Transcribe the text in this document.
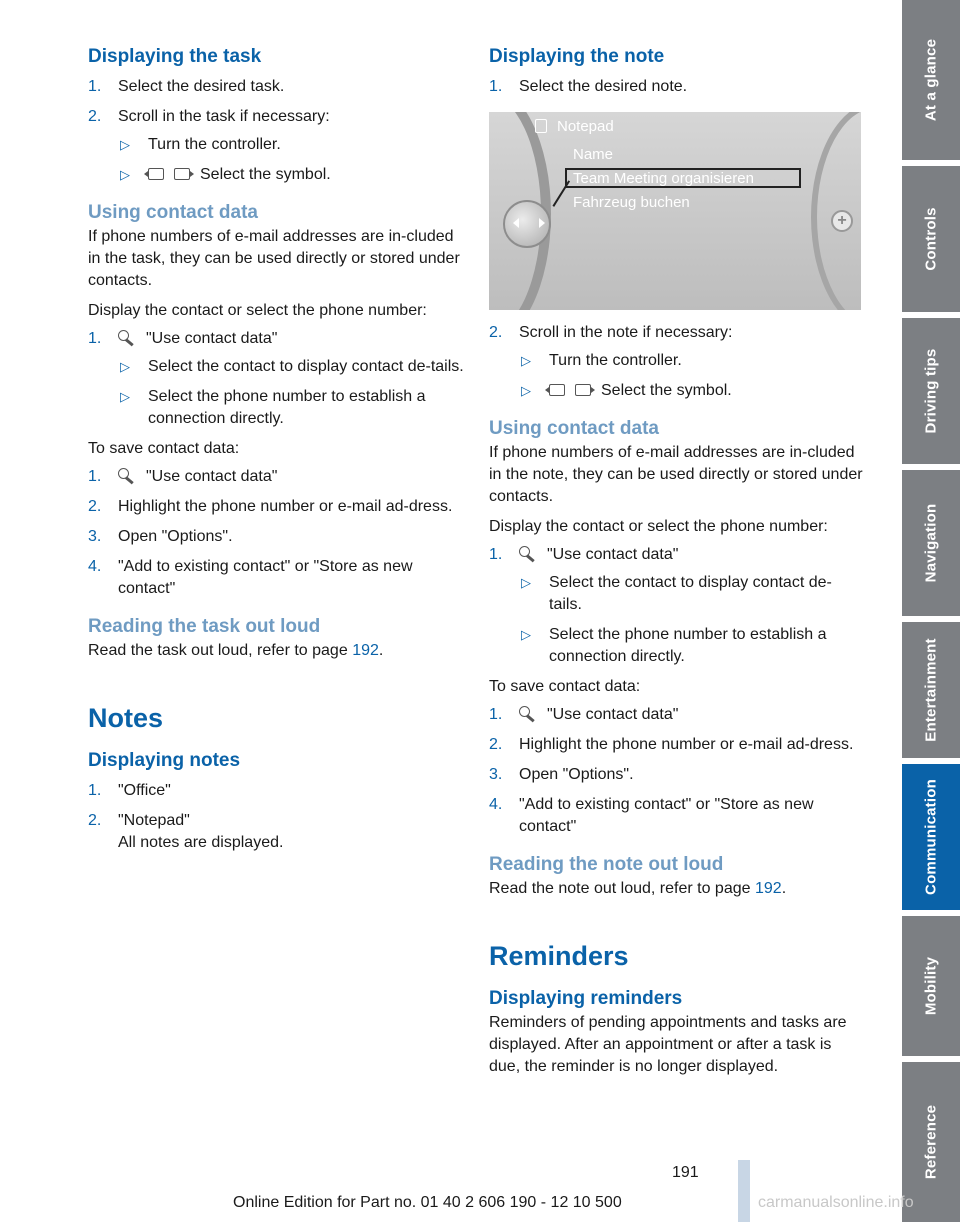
Displaying the task
1. Select the desired task.
2. Scroll in the task if necessary:
▷ Turn the controller.
▷	Select the symbol.
Using contact data

If phone numbers of e-mail addresses are in-cluded in the task, they can be used directly or stored under contacts.

Display the contact or select the phone number:

1.	"Use contact data"
▷ Select the contact to display contact de-tails.
▷ Select the phone number to establish a connection directly.

To save contact data:

1.	"Use contact data"
2. Highlight the phone number or e-mail ad-dress.
3. Open "Options".
4. "Add to existing contact" or "Store as new contact"
Reading the task out loud

Read the task out loud, refer to page 192.

Notes
Displaying notes
1. "Office"
2. "Notepad"
All notes are displayed.
Displaying the note
1. Select the desired note.
Notepad
Name
Team Meeting organisieren
Fahrzeug buchen
+
2. Scroll in the note if necessary:
▷ Turn the controller.
▷	Select the symbol.
Using contact data

If phone numbers of e-mail addresses are in-cluded in the note, they can be used directly or stored under contacts.

Display the contact or select the phone number:

1.	"Use contact data"
▷ Select the contact to display contact de-tails.
▷ Select the phone number to establish a connection directly.

To save contact data:

1.	"Use contact data"
2. Highlight the phone number or e-mail ad-dress.
3. Open "Options".
4. "Add to existing contact" or "Store as new contact"
Reading the note out loud

Read the note out loud, refer to page 192.

Reminders
Displaying reminders

Reminders of pending appointments and tasks are displayed. After an appointment or after a task is due, the reminder is no longer displayed.

At a glance
Controls
Driving tips
Navigation
Entertainment
Communication
Mobility
Reference
191
Online Edition for Part no. 01 40 2 606 190 - 12 10 500	carmanualsonline.info
